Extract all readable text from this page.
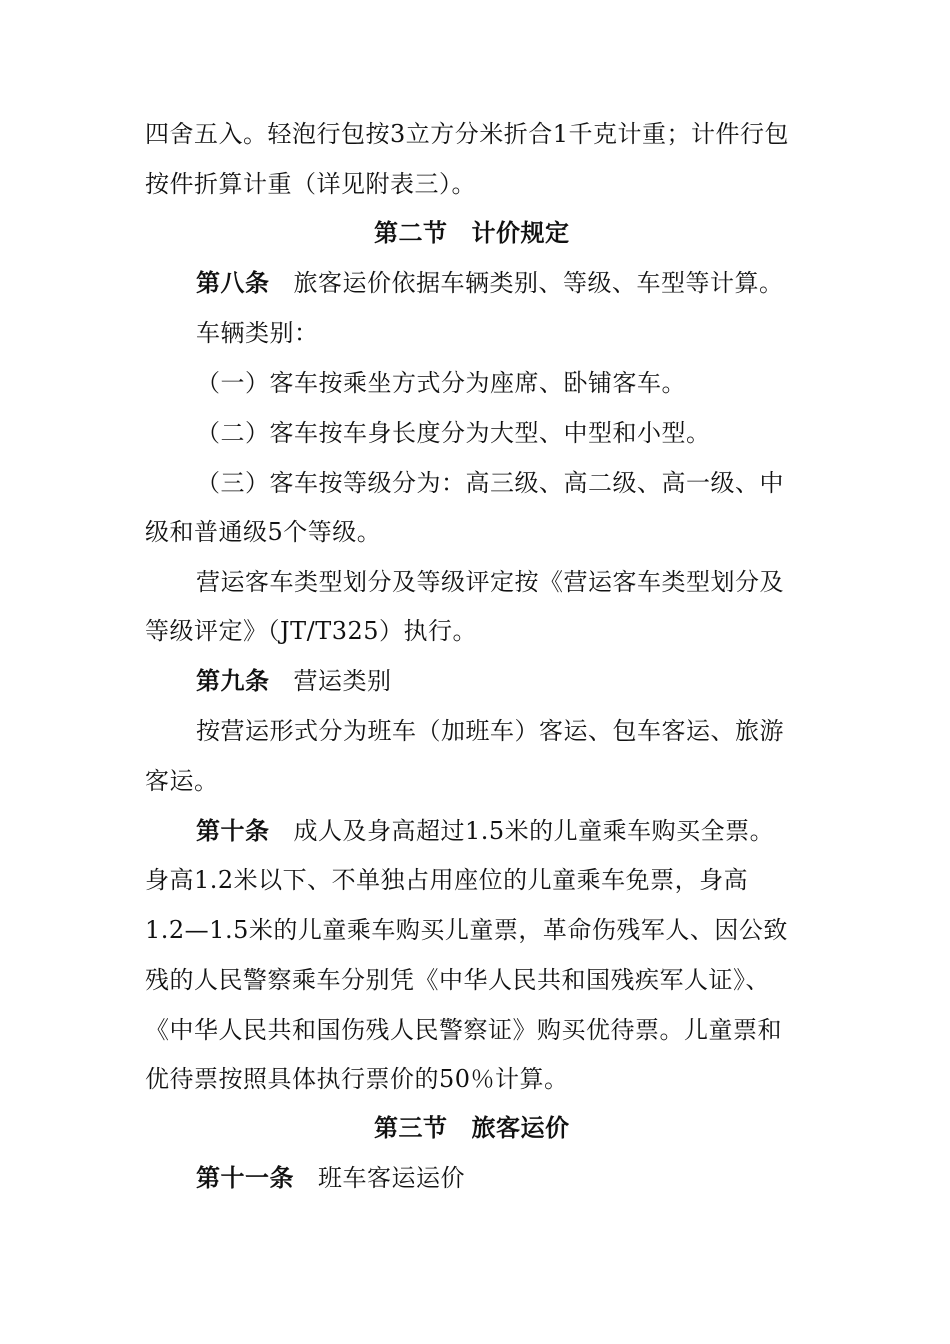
四舍五入。轻泡行包按3立方分米折合1千克计重；计件行包
按件折算计重（详见附表三）。
第二节 计价规定
第八条 旅客运价依据车辆类别、等级、车型等计算。
车辆类别：
（一）客车按乘坐方式分为座席、卧铺客车。
（二）客车按车身长度分为大型、中型和小型。
（三）客车按等级分为：高三级、高二级、高一级、中
级和普通级5个等级。
营运客车类型划分及等级评定按《营运客车类型划分及
等级评定》（JT/T325）执行。
第九条 营运类别
按营运形式分为班车（加班车）客运、包车客运、旅游
客运。
第十条 成人及身高超过1.5米的儿童乘车购买全票。
身高1.2米以下、不单独占用座位的儿童乘车免票，身高
1.2—1.5米的儿童乘车购买儿童票，革命伤残军人、因公致
残的人民警察乘车分别凭《中华人民共和国残疾军人证》、
《中华人民共和国伤残人民警察证》购买优待票。儿童票和
优待票按照具体执行票价的50％计算。
第三节 旅客运价
第十一条 班车客运运价
